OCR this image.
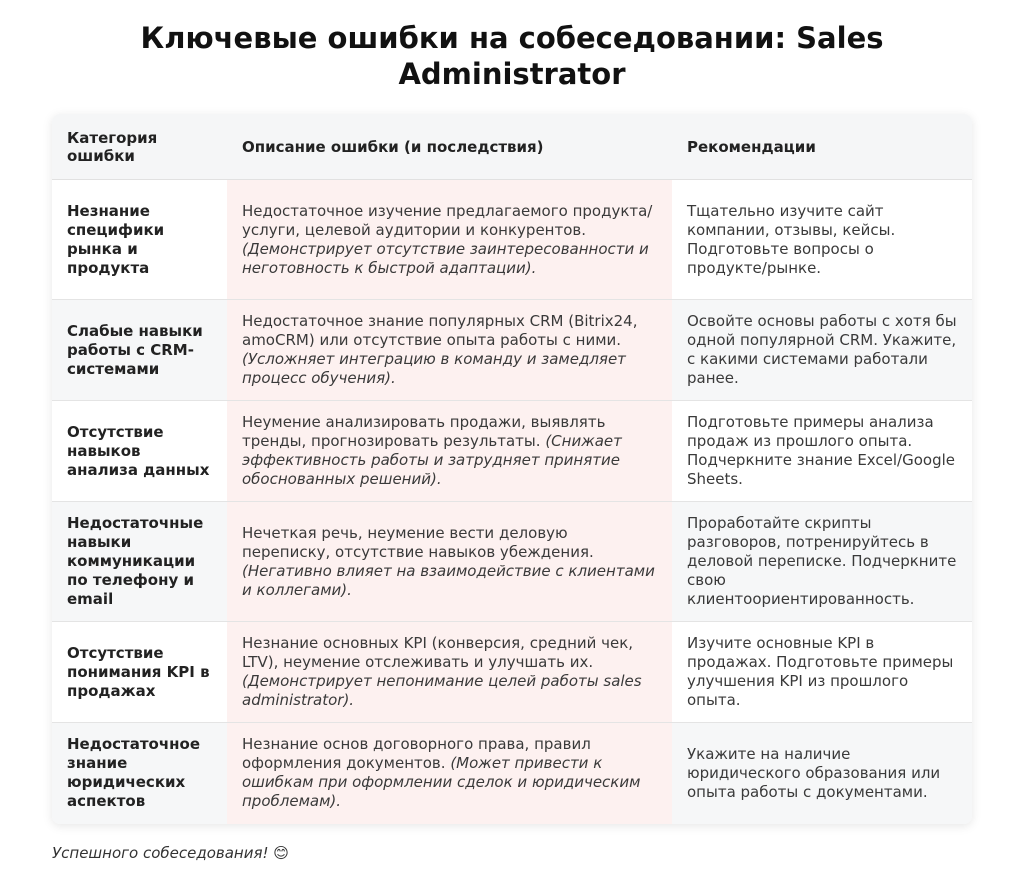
Ключевые ошибки на собеседовании: Sales Administrator
Категория ошибки	Описание ошибки (и последствия)	Рекомендации
Незнание специфики рынка и продукта	Недостаточное изучение предлагаемого продукта/услуги, целевой аудитории и конкурентов. (Демонстрирует отсутствие заинтересованности и неготовность к быстрой адаптации).	Тщательно изучите сайт компании, отзывы, кейсы. Подготовьте вопросы о продукте/рынке.
Слабые навыки работы с CRM-системами	Недостаточное знание популярных CRM (Bitrix24, amoCRM) или отсутствие опыта работы с ними. (Усложняет интеграцию в команду и замедляет процесс обучения).	Освойте основы работы с хотя бы одной популярной CRM. Укажите, с какими системами работали ранее.
Отсутствие навыков анализа данных	Неумение анализировать продажи, выявлять тренды, прогнозировать результаты. (Снижает эффективность работы и затрудняет принятие обоснованных решений).	Подготовьте примеры анализа продаж из прошлого опыта. Подчеркните знание Excel/Google Sheets.
Недостаточные навыки коммуникации по телефону и email	Нечеткая речь, неумение вести деловую переписку, отсутствие навыков убеждения. (Негативно влияет на взаимодействие с клиентами и коллегами).	Проработайте скрипты разговоров, потренируйтесь в деловой переписке. Подчеркните свою клиентоориентированность.
Отсутствие понимания KPI в продажах	Незнание основных KPI (конверсия, средний чек, LTV), неумение отслеживать и улучшать их. (Демонстрирует непонимание целей работы sales administrator).	Изучите основные KPI в продажах. Подготовьте примеры улучшения KPI из прошлого опыта.
Недостаточное знание юридических аспектов	Незнание основ договорного права, правил оформления документов. (Может привести к ошибкам при оформлении сделок и юридическим проблемам).	Укажите на наличие юридического образования или опыта работы с документами.
Успешного собеседования! 😊
